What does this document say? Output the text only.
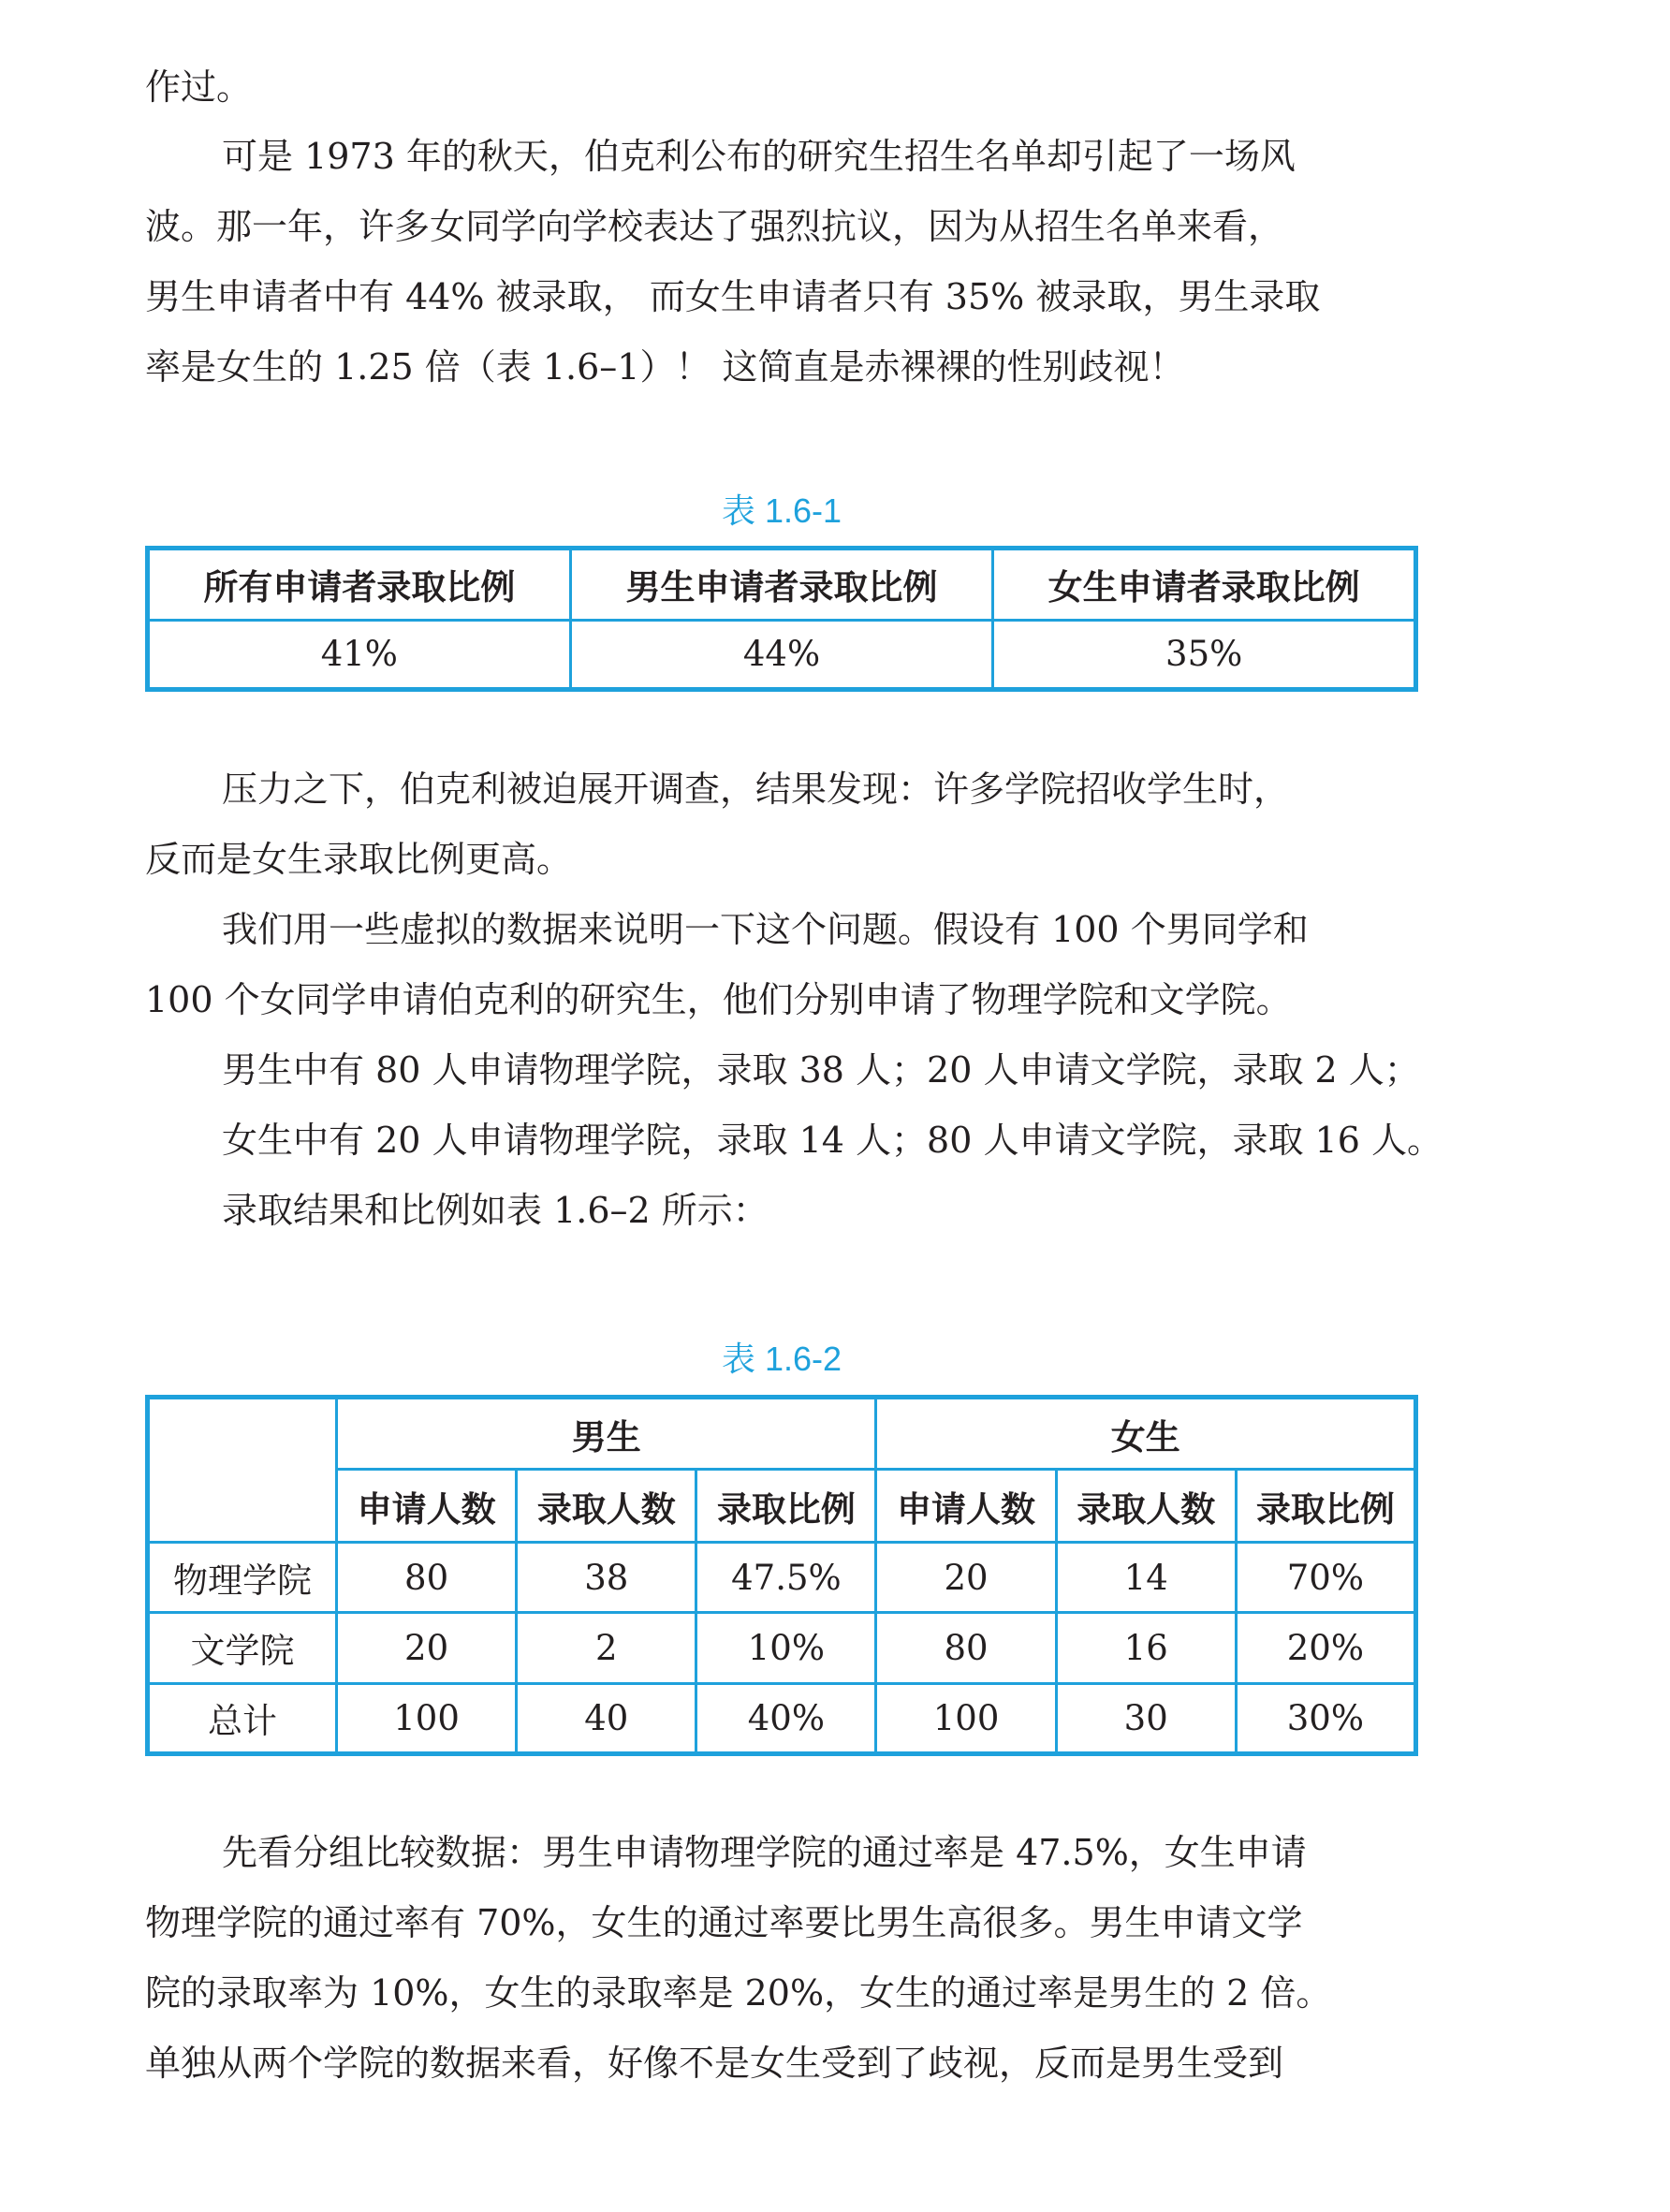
作过。

可是 1973 年的秋天，伯克利公布的研究生招生名单却引起了一场风
波。那一年，许多女同学向学校表达了强烈抗议，因为从招生名单来看，
男生申请者中有 44% 被录取， 而女生申请者只有 35% 被录取，男生录取
率是女生的 1.25 倍（表 1.6–1）！ 这简直是赤裸裸的性别歧视！

表 1.6-1
所有申请者录取比例	男生申请者录取比例	女生申请者录取比例
41%	44%	35%

压力之下，伯克利被迫展开调查，结果发现：许多学院招收学生时，
反而是女生录取比例更高。

我们用一些虚拟的数据来说明一下这个问题。假设有 100 个男同学和
100 个女同学申请伯克利的研究生，他们分别申请了物理学院和文学院。

男生中有 80 人申请物理学院，录取 38 人；20 人申请文学院，录取 2 人；

女生中有 20 人申请物理学院，录取 14 人；80 人申请文学院，录取 16 人。

录取结果和比例如表 1.6–2 所示：

表 1.6-2
	男生			女生		
	申请人数	录取人数	录取比例	申请人数	录取人数	录取比例
物理学院	80	38	47.5%	20	14	70%
文学院	20	2	10%	80	16	20%
总计	100	40	40%	100	30	30%

先看分组比较数据：男生申请物理学院的通过率是 47.5%，女生申请
物理学院的通过率有 70%，女生的通过率要比男生高很多。男生申请文学
院的录取率为 10%，女生的录取率是 20%，女生的通过率是男生的 2 倍。
单独从两个学院的数据来看，好像不是女生受到了歧视，反而是男生受到
